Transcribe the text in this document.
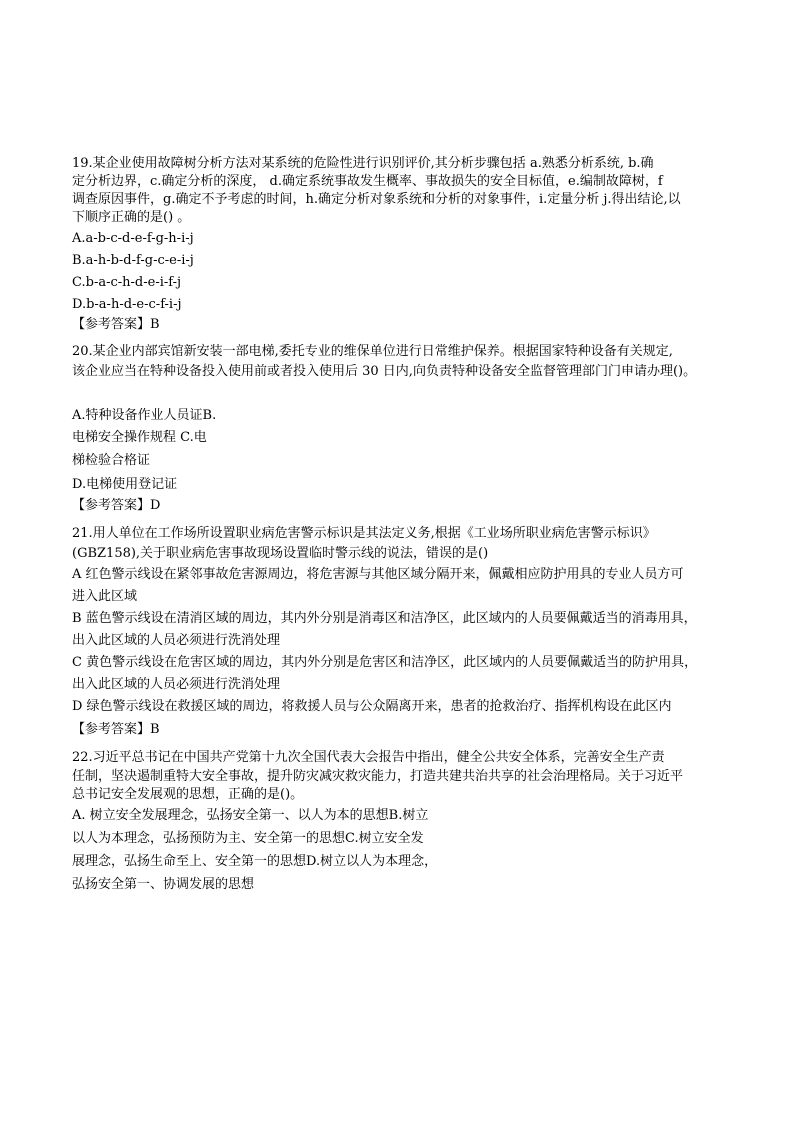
19.某企业使用故障树分析方法对某系统的危险性进行识别评价,其分析步骤包括 a.熟悉分析系统, b.确
定分析边界，c.确定分析的深度， d.确定系统事故发生概率、事故损失的安全目标值，e.编制故障树，f
调查原因事件，g.确定不予考虑的时间，h.确定分析对象系统和分析的对象事件，i.定量分析 j.得出结论,以
下顺序正确的是() 。
A.a-b-c-d-e-f-g-h-i-j
B.a-h-b-d-f-g-c-e-i-j
C.b-a-c-h-d-e-i-f-j
D.b-a-h-d-e-c-f-i-j
【参考答案】B
20.某企业内部宾馆新安装一部电梯,委托专业的维保单位进行日常维护保养。根据国家特种设备有关规定,
该企业应当在特种设备投入使用前或者投入使用后 30 日内,向负责特种设备安全监督管理部门门申请办理()。
A.特种设备作业人员证B.
电梯安全操作规程 C.电
梯检验合格证
D.电梯使用登记证
【参考答案】D
21.用人单位在工作场所设置职业病危害警示标识是其法定义务,根据《工业场所职业病危害警示标识》
(GBZ158),关于职业病危害事故现场设置临时警示线的说法，错误的是()
A 红色警示线设在紧邻事故危害源周边，将危害源与其他区域分隔开来，佩戴相应防护用具的专业人员方可
进入此区域
B 蓝色警示线设在清消区域的周边，其内外分别是消毒区和洁净区，此区域内的人员要佩戴适当的消毒用具，
出入此区域的人员必须进行洗消处理
C 黄色警示线设在危害区域的周边，其内外分别是危害区和洁净区，此区域内的人员要佩戴适当的防护用具，
出入此区域的人员必须进行洗消处理
D 绿色警示线设在救援区域的周边，将救援人员与公众隔离开来，患者的抢救治疗、指挥机构设在此区内
【参考答案】B
22.习近平总书记在中国共产党第十九次全国代表大会报告中指出，健全公共安全体系，完善安全生产责
任制，坚决遏制重特大安全事故，提升防灾减灾救灾能力，打造共建共治共享的社会治理格局。关于习近平
总书记安全发展观的思想，正确的是()。
A. 树立安全发展理念，弘扬安全第一、以人为本的思想B.树立
以人为本理念，弘扬预防为主、安全第一的思想C.树立安全发
展理念，弘扬生命至上、安全第一的思想D.树立以人为本理念，
弘扬安全第一、协调发展的思想
